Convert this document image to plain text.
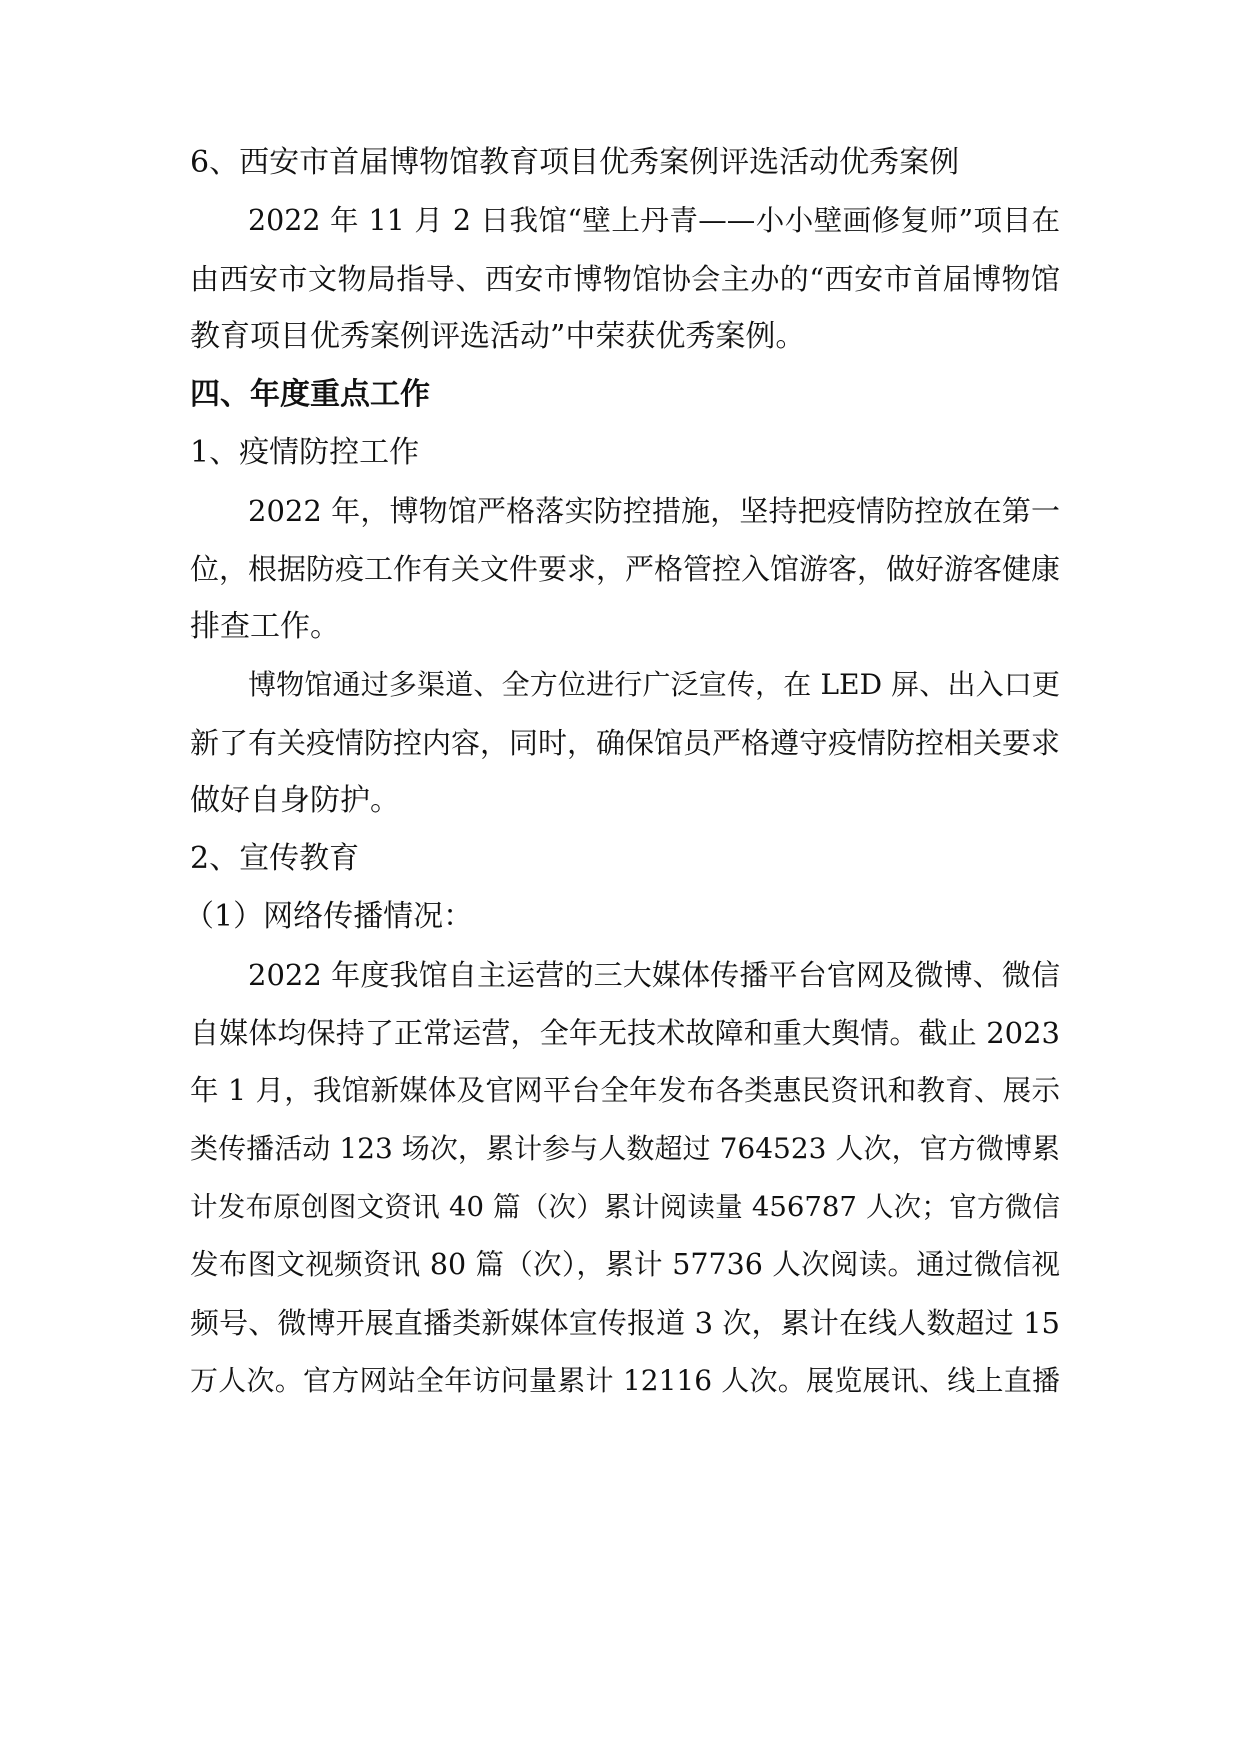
6、西安市首届博物馆教育项目优秀案例评选活动优秀案例
2022 年 11 月 2 日我馆“壁上丹青——小小壁画修复师”项目在
由西安市文物局指导、西安市博物馆协会主办的“西安市首届博物馆
教育项目优秀案例评选活动”中荣获优秀案例。
四、年度重点工作
1、疫情防控工作
2022 年，博物馆严格落实防控措施，坚持把疫情防控放在第一
位，根据防疫工作有关文件要求，严格管控入馆游客，做好游客健康
排查工作。
博物馆通过多渠道、全方位进行广泛宣传，在 LED 屏、出入口更
新了有关疫情防控内容，同时，确保馆员严格遵守疫情防控相关要求
做好自身防护。
2、宣传教育
（1）网络传播情况：
2022 年度我馆自主运营的三大媒体传播平台官网及微博、微信
自媒体均保持了正常运营，全年无技术故障和重大舆情。截止 2023
年 1 月，我馆新媒体及官网平台全年发布各类惠民资讯和教育、展示
类传播活动 123 场次，累计参与人数超过 764523 人次，官方微博累
计发布原创图文资讯 40 篇（次）累计阅读量 456787 人次；官方微信
发布图文视频资讯 80 篇（次），累计 57736 人次阅读。通过微信视
频号、微博开展直播类新媒体宣传报道 3 次，累计在线人数超过 15
万人次。官方网站全年访问量累计 12116 人次。展览展讯、线上直播
